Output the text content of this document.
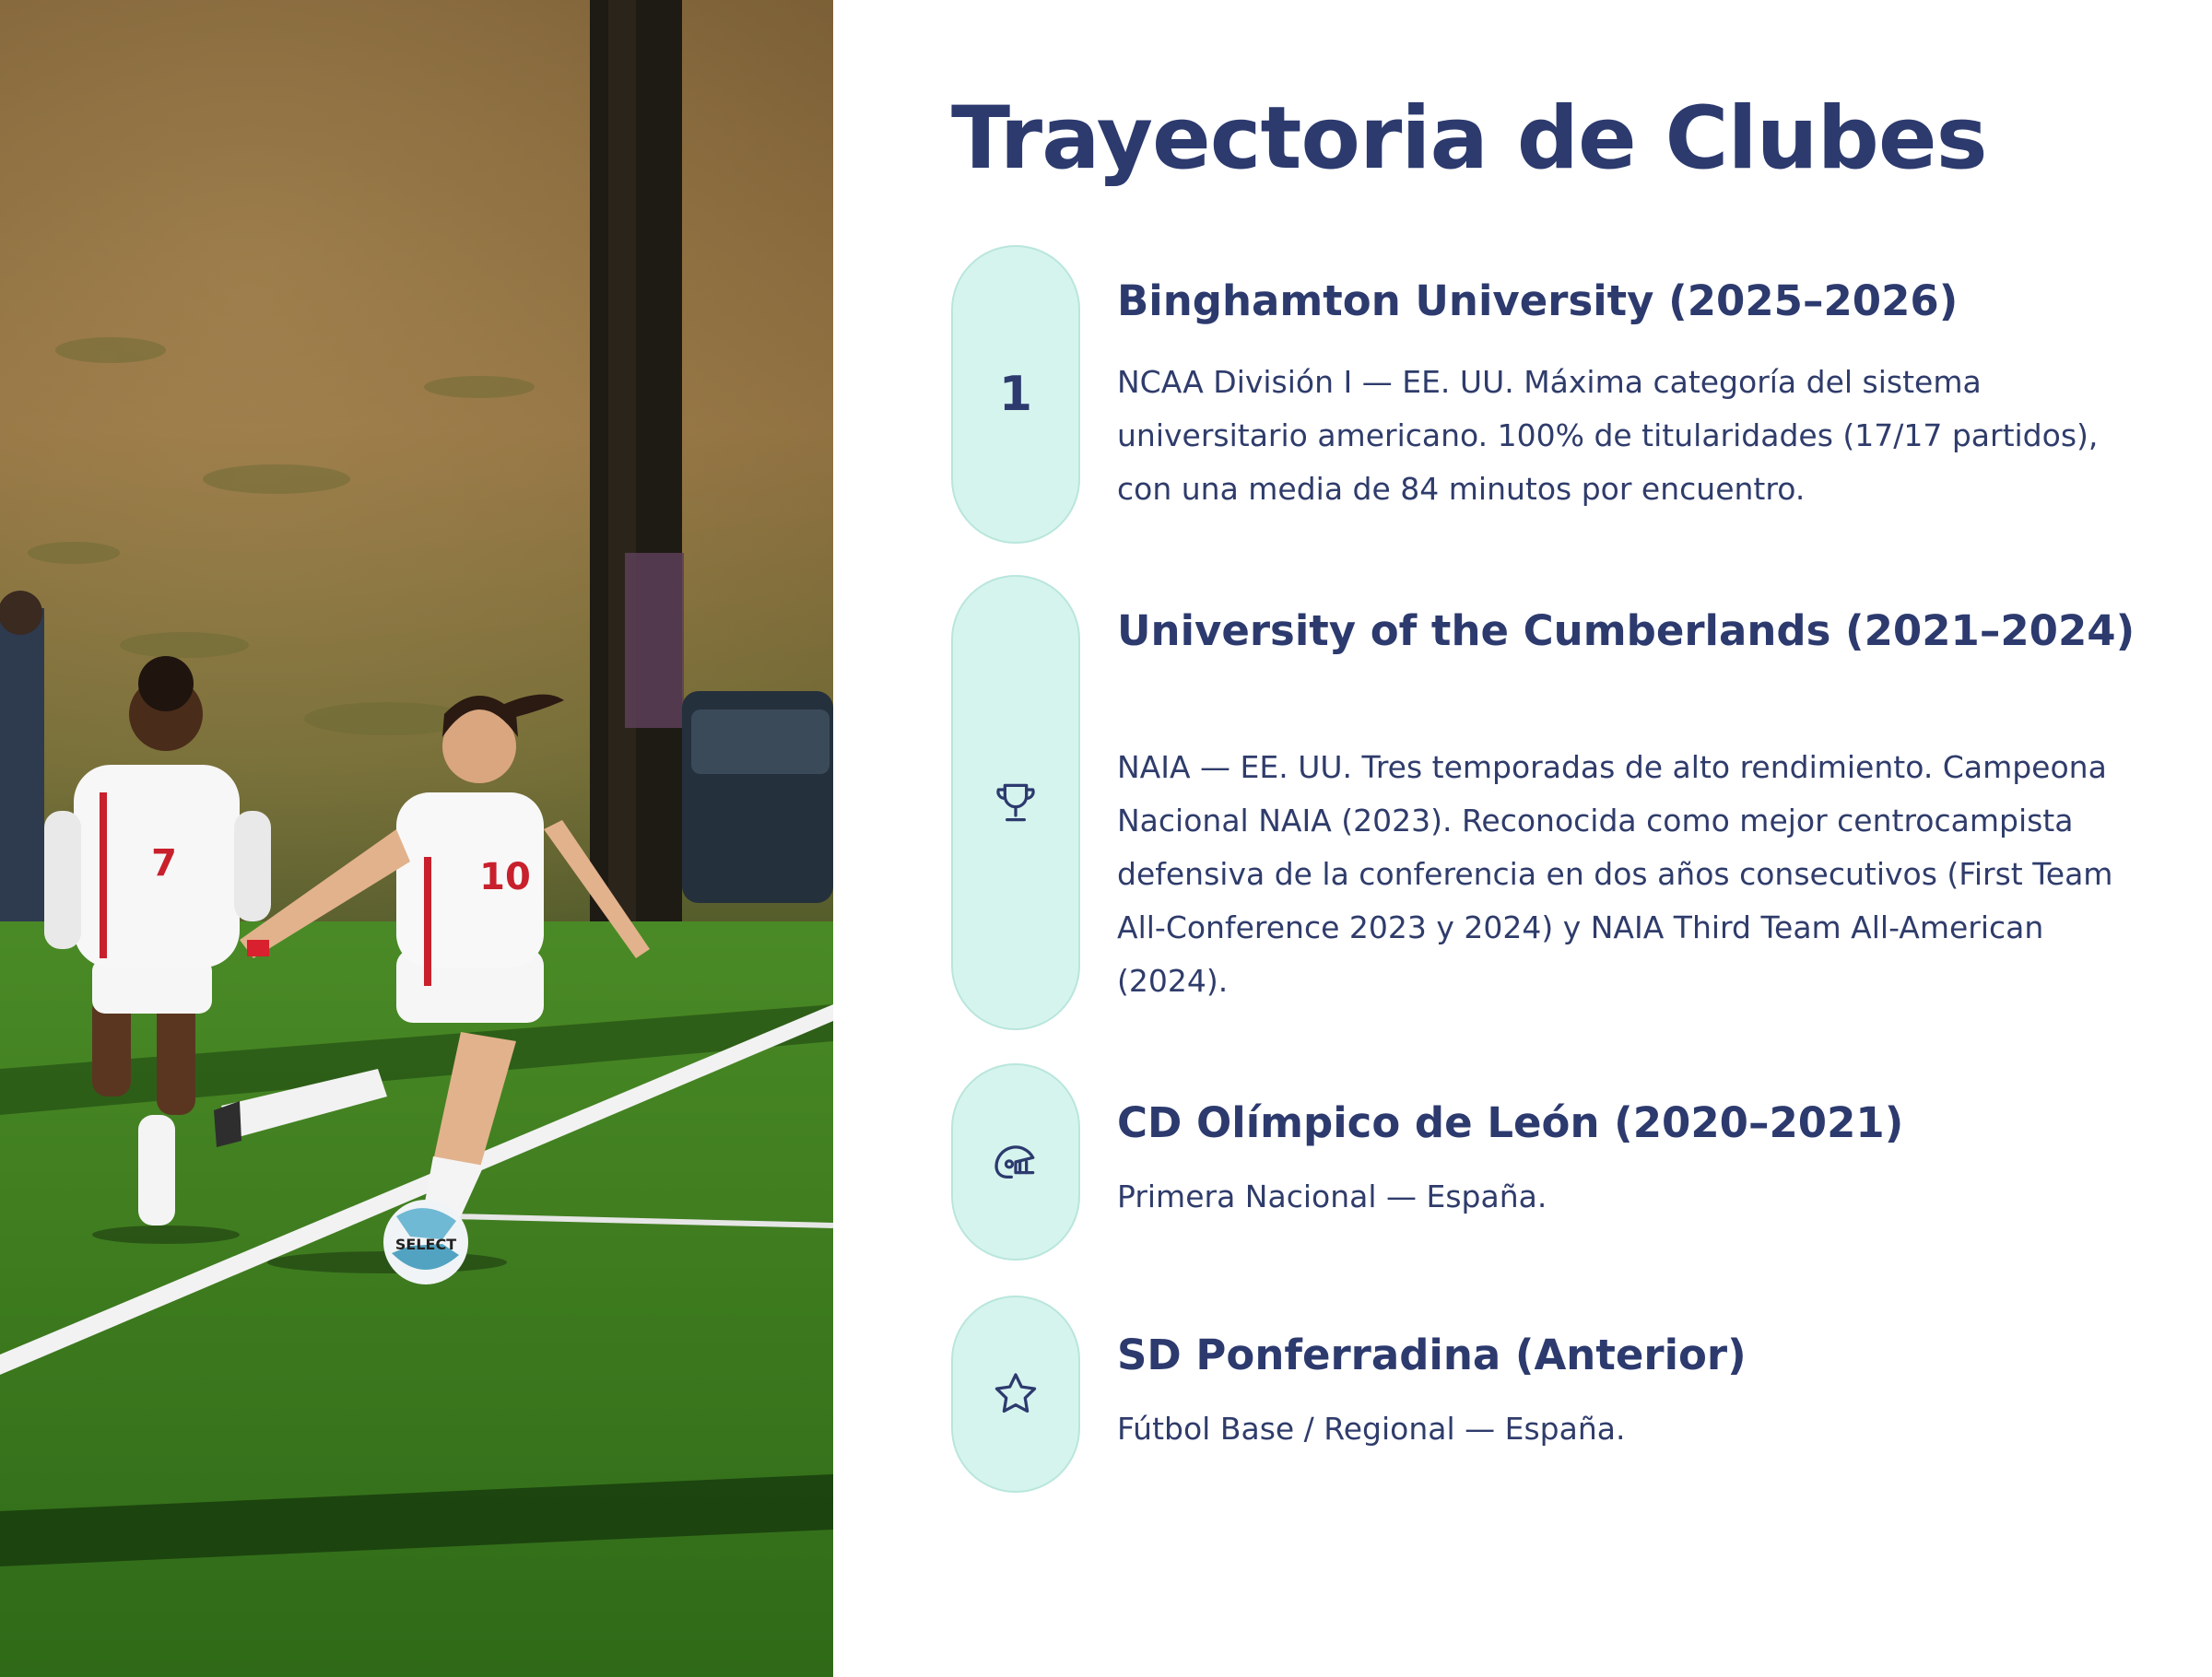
7	10
SELECT
Trayectoria de Clubes
1
Binghamton University (2025–2026)

NCAA División I — EE. UU. Máxima categoría del sistema universitario americano. 100% de titularidades (17/17 partidos), con una media de 84 minutos por encuentro.

University of the Cumberlands (2021–2024)

NAIA — EE. UU. Tres temporadas de alto rendimiento. Campeona Nacional NAIA (2023). Reconocida como mejor centrocampista defensiva de la conferencia en dos años consecutivos (First Team All-Conference 2023 y 2024) y NAIA Third Team All-American (2024).

CD Olímpico de León (2020–2021)

Primera Nacional — España.

SD Ponferradina (Anterior)

Fútbol Base / Regional — España.
